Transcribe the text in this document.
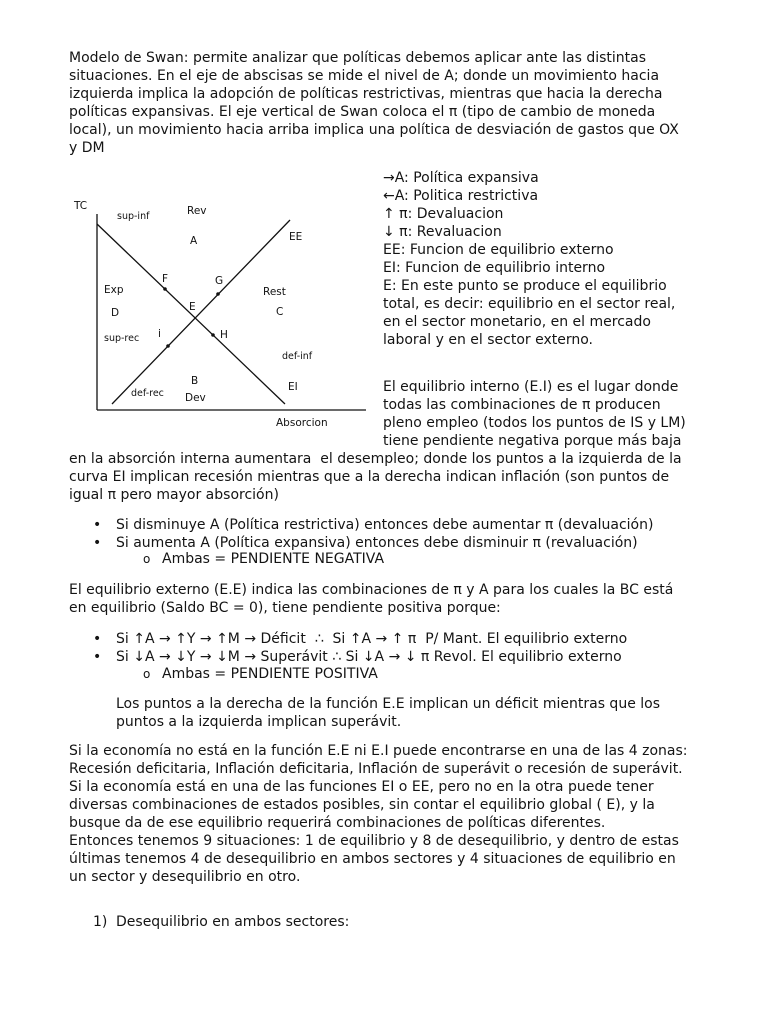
Modelo de Swan: permite analizar que políticas debemos aplicar ante las distintas
situaciones. En el eje de abscisas se mide el nivel de A; donde un movimiento hacia
izquierda implica la adopción de políticas restrictivas, mientras que hacia la derecha
políticas expansivas. El eje vertical de Swan coloca el π (tipo de cambio de moneda
local), un movimiento hacia arriba implica una política de desviación de gastos que OX
y DM
TC
Absorcion
EE
EI
sup-inf
sup-rec
def-inf
def-rec
Rev
A
Exp
D
Rest
C
B
Dev
F	G
E
i	H
→A: Política expansiva
←A: Politica restrictiva
↑ π: Devaluacion
↓ π: Revaluacion
EE: Funcion de equilibrio externo
EI: Funcion de equilibrio interno
E: En este punto se produce el equilibrio
total, es decir: equilibrio en el sector real,
en el sector monetario, en el mercado
laboral y en el sector externo.
El equilibrio interno (E.I) es el lugar donde
todas las combinaciones de π producen
pleno empleo (todos los puntos de IS y LM)
tiene pendiente negativa porque más baja
en la absorción interna aumentara  el desempleo; donde los puntos a la izquierda de la
curva EI implican recesión mientras que a la derecha indican inflación (son puntos de
igual π pero mayor absorción)
• Si disminuye A (Política restrictiva) entonces debe aumentar π (devaluación)
• Si aumenta A (Política expansiva) entonces debe disminuir π (revaluación)
o Ambas = PENDIENTE NEGATIVA
El equilibrio externo (E.E) indica las combinaciones de π y A para los cuales la BC está
en equilibrio (Saldo BC = 0), tiene pendiente positiva porque:
• Si ↑A → ↑Y → ↑M → Déficit  ∴  Si ↑A → ↑ π  P/ Mant. El equilibrio externo
• Si ↓A → ↓Y → ↓M → Superávit ∴ Si ↓A → ↓ π Revol. El equilibrio externo
o Ambas = PENDIENTE POSITIVA
Los puntos a la derecha de la función E.E implican un déficit mientras que los
puntos a la izquierda implican superávit.
Si la economía no está en la función E.E ni E.I puede encontrarse en una de las 4 zonas:
Recesión deficitaria, Inflación deficitaria, Inflación de superávit o recesión de superávit.
Si la economía está en una de las funciones EI o EE, pero no en la otra puede tener
diversas combinaciones de estados posibles, sin contar el equilibrio global ( E), y la
busque da de ese equilibrio requerirá combinaciones de políticas diferentes.
Entonces tenemos 9 situaciones: 1 de equilibrio y 8 de desequilibrio, y dentro de estas
últimas tenemos 4 de desequilibrio en ambos sectores y 4 situaciones de equilibrio en
un sector y desequilibrio en otro.
1) Desequilibrio en ambos sectores:
